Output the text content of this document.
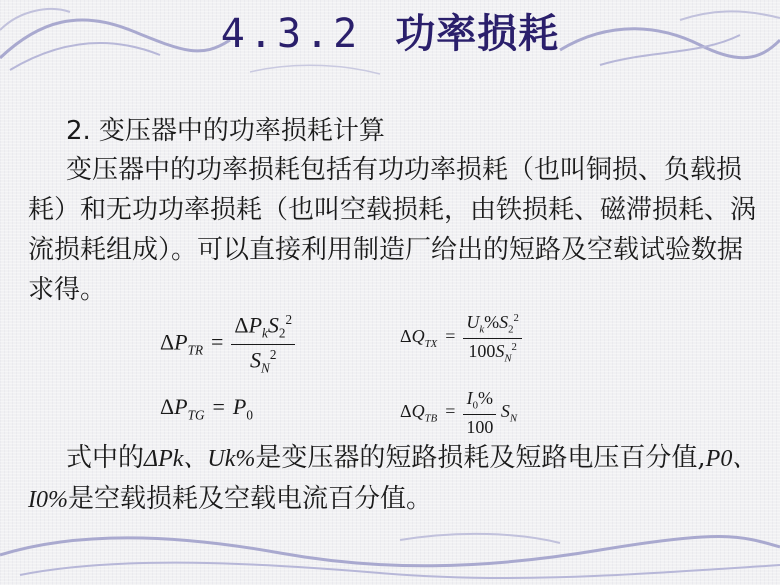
4.3.2 功率损耗
2. 变压器中的功率损耗计算
变压器中的功率损耗包括有功功率损耗（也叫铜损、负载损耗）和无功功率损耗（也叫空载损耗，由铁损耗、磁滞损耗、涡流损耗组成）。可以直接利用制造厂给出的短路及空载试验数据求得。
$\Delta P_{TR} = \frac{\Delta P_kS_2^2}{S_N^2}$	$\Delta Q_{TX} = \frac{U_k\%S_2^2}{100S_N^2}$
$\Delta P_{TG} = P_0$	$\Delta Q_{TB} = \frac{I_0\%}{100} S_N$
式中的ΔPk、Uk%是变压器的短路损耗及短路电压百分值,P0、I0%是空载损耗及空载电流百分值。
